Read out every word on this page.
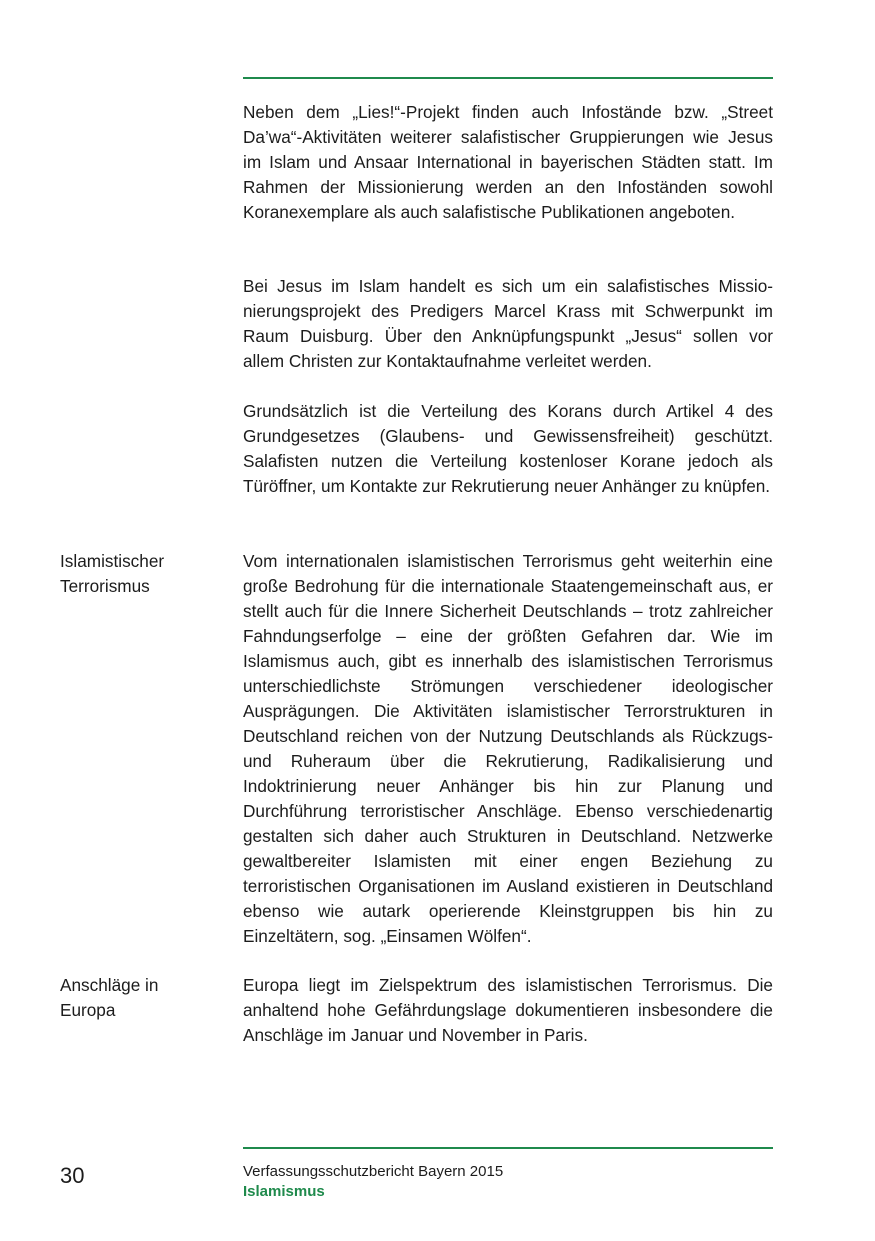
Neben dem „Lies!“-Projekt finden auch Infostände bzw. „Street Da’wa“-Aktivitäten weiterer salafistischer Gruppierungen wie Jesus im Islam und Ansaar International in bayerischen Städten statt. Im Rahmen der Missionierung werden an den Infoständen sowohl Koranexemplare als auch salafistische Publikationen angeboten.

Bei Jesus im Islam handelt es sich um ein salafistisches Missionierungsprojekt des Predigers Marcel Krass mit Schwerpunkt im Raum Duisburg. Über den Anknüpfungspunkt „Jesus“ sollen vor allem Christen zur Kontaktaufnahme verleitet werden.

Grundsätzlich ist die Verteilung des Korans durch Artikel 4 des Grundgesetzes (Glaubens- und Gewissensfreiheit) geschützt. Salafisten nutzen die Verteilung kostenloser Korane jedoch als Türöffner, um Kontakte zur Rekrutierung neuer Anhänger zu knüpfen.

Islamistischer
Terrorismus

Vom internationalen islamistischen Terrorismus geht weiterhin eine große Bedrohung für die internationale Staatengemeinschaft aus, er stellt auch für die Innere Sicherheit Deutschlands – trotz zahlreicher Fahndungserfolge – eine der größten Gefahren dar. Wie im Islamismus auch, gibt es innerhalb des islamistischen Terrorismus unterschiedlichste Strömungen verschiedener ideologischer Ausprägungen. Die Aktivitäten islamistischer Terrorstrukturen in Deutschland reichen von der Nutzung Deutschlands als Rückzugs- und Ruheraum über die Rekrutierung, Radikalisierung und Indoktrinierung neuer Anhänger bis hin zur Planung und Durchführung terroristischer Anschläge. Ebenso verschiedenartig gestalten sich daher auch Strukturen in Deutschland. Netzwerke gewaltbereiter Islamisten mit einer engen Beziehung zu terroristischen Organisationen im Ausland existieren in Deutschland ebenso wie autark operierende Kleinstgruppen bis hin zu Einzeltätern, sog. „Einsamen Wölfen“.

Anschläge in
Europa

Europa liegt im Zielspektrum des islamistischen Terrorismus. Die anhaltend hohe Gefährdungslage dokumentieren insbesondere die Anschläge im Januar und November in Paris.

30	Verfassungsschutzbericht Bayern 2015
Islamismus
